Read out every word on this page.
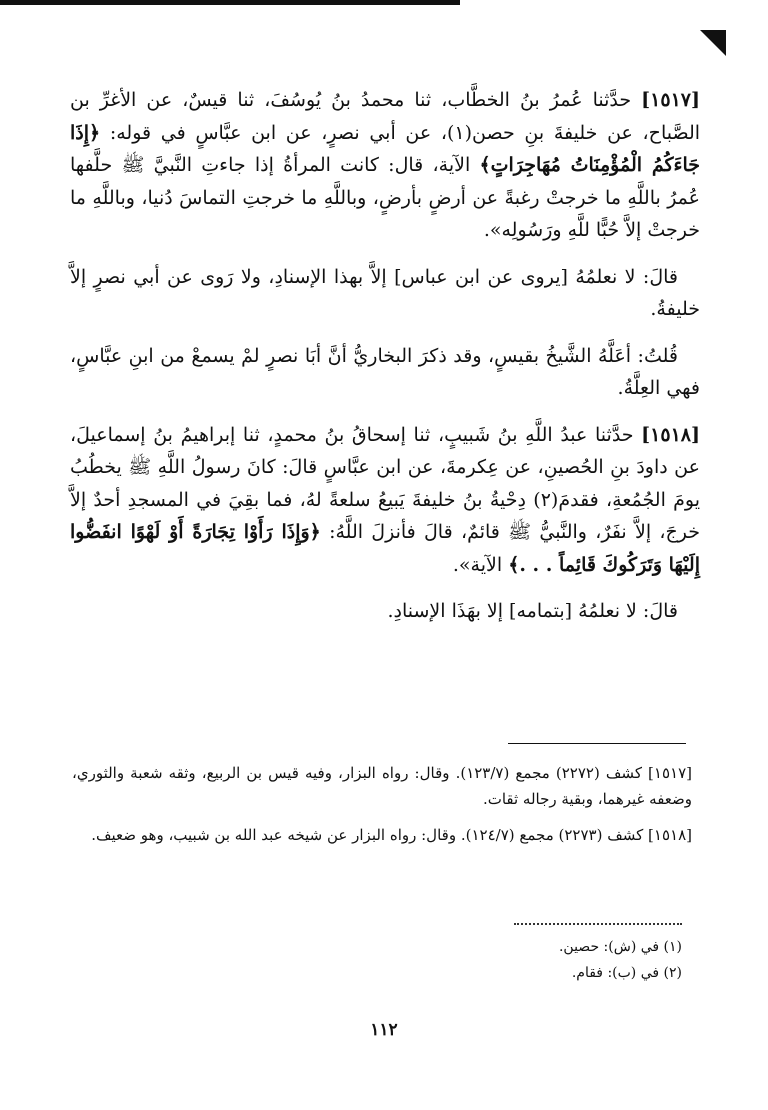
[١٥١٧] حدَّثنا عُمرُ بنُ الخطَّاب، ثنا محمدُ بنُ يُوسُفَ، ثنا قيسٌ، عن الأغرِّ بن الصَّباح، عن خليفةَ بنِ حصن(١)، عن أبي نصرٍ، عن ابن عبَّاسٍ في قوله: ﴿إِذَا جَاءَكُمُ الْمُؤْمِنَاتُ مُهَاجِرَاتٍ﴾ الآية، قال: كانت المرأةُ إذا جاءتِ النَّبيَّ ﷺ حلَّفها عُمرُ باللَّهِ ما خرجتْ رغبةً عن أرضٍ بأرضٍ، وباللَّهِ ما خرجتِ التماسَ دُنيا، وباللَّهِ ما خرجتْ إلاَّ حُبًّا للَّهِ ورَسُولِه».

قالَ: لا نعلمُهُ [يروى عن ابن عباس] إلاَّ بهذا الإسنادِ، ولا رَوى عن أبي نصرٍ إلاَّ خليفةُ.

قُلتُ: أعَلَّهُ الشَّيخُ بقيسٍ، وقد ذكرَ البخاريُّ أنَّ أبَا نصرٍ لمْ يسمعْ من ابنِ عبَّاسٍ، فهي العِلَّةُ.

[١٥١٨] حدَّثنا عبدُ اللَّهِ بنُ شَبيبٍ، ثنا إسحاقُ بنُ محمدٍ، ثنا إبراهيمُ بنُ إسماعيلَ، عن داودَ بنِ الحُصينِ، عن عِكرمةَ، عن ابن عبَّاسٍ قالَ: كانَ رسولُ اللَّهِ ﷺ يخطُبُ يومَ الجُمُعةِ، فقدمَ(٢) دِحْيةُ بنُ خليفةَ يَبيعُ سلعةً لهُ، فما بقِيَ في المسجدِ أحدٌ إلاَّ خرجَ، إلاَّ نفَرٌ، والنَّبيُّ ﷺ قائمٌ، قالَ فأنزلَ اللَّهُ: ﴿وَإِذَا رَأَوْا تِجَارَةً أَوْ لَهْوًا انفَضُّوا إِلَيْهَا وَتَرَكُوكَ قَائِماً . . .﴾ الآية».

قالَ: لا نعلمُهُ [بتمامه] إلا بهَذَا الإسنادِ.

[١٥١٧] كشف (٢٢٧٢) مجمع (١٢٣/٧). وقال: رواه البزار، وفيه قيس بن الربيع، وثقه شعبة والثوري، وضعفه غيرهما، وبقية رجاله ثقات.

[١٥١٨] كشف (٢٢٧٣) مجمع (١٢٤/٧). وقال: رواه البزار عن شيخه عبد الله بن شبيب، وهو ضعيف.

(١) في (ش): حصين.

(٢) في (ب): فقام.

١١٢
